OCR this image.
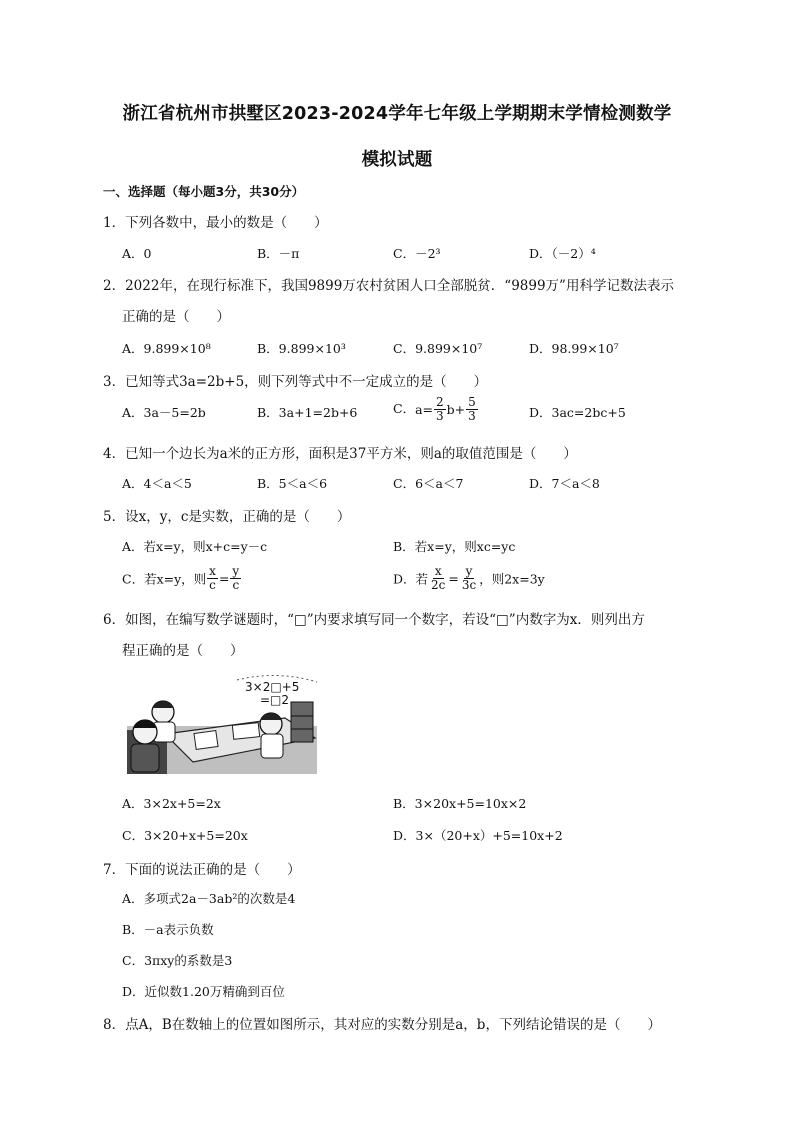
浙江省杭州市拱墅区2023-2024学年七年级上学期期末学情检测数学
模拟试题
一、选择题（每小题3分，共30分）
1．下列各数中，最小的数是（　　）
A．0	B．－π	C．－2³	D．（－2）⁴
2．2022年，在现行标准下，我国9899万农村贫困人口全部脱贫．“9899万”用科学记数法表示
正确的是（　　）
A．9.899×10⁸	B．9.899×10³	C．9.899×10⁷	D．98.99×10⁷
3．已知等式3a=2b+5，则下列等式中不一定成立的是（　　）
A．3a－5=2b	B．3a+1=2b+6	C．$a= \frac{2}{3} b+ \frac{5}{3}$	D．3ac=2bc+5
4．已知一个边长为a米的正方形，面积是37平方米，则a的取值范围是（　　）
A．4＜a＜5	B．5＜a＜6	C．6＜a＜7	D．7＜a＜8
5．设x，y，c是实数，正确的是（　　）
A．若x=y，则x+c=y－c	B．若x=y，则xc=yc
C．若x=y，则 $\frac{x}{c} = \frac{y}{c}$	D．若 $\frac{x}{2c} = \frac{y}{3c}$ ，则2x=3y
6．如图，在编写数学谜题时，“□”内要求填写同一个数字，若设“□”内数字为x．则列出方
程正确的是（　　）
3×2□+5
=□2
A．3×2x+5=2x	B．3×20x+5=10x×2
C．3×20+x+5=20x	D．3×（20+x）+5=10x+2
7．下面的说法正确的是（　　）
A．多项式2a－3ab²的次数是4
B．－a表示负数
C．3πxy的系数是3
D．近似数1.20万精确到百位
8．点A，B在数轴上的位置如图所示，其对应的实数分别是a，b，下列结论错误的是（　　）
